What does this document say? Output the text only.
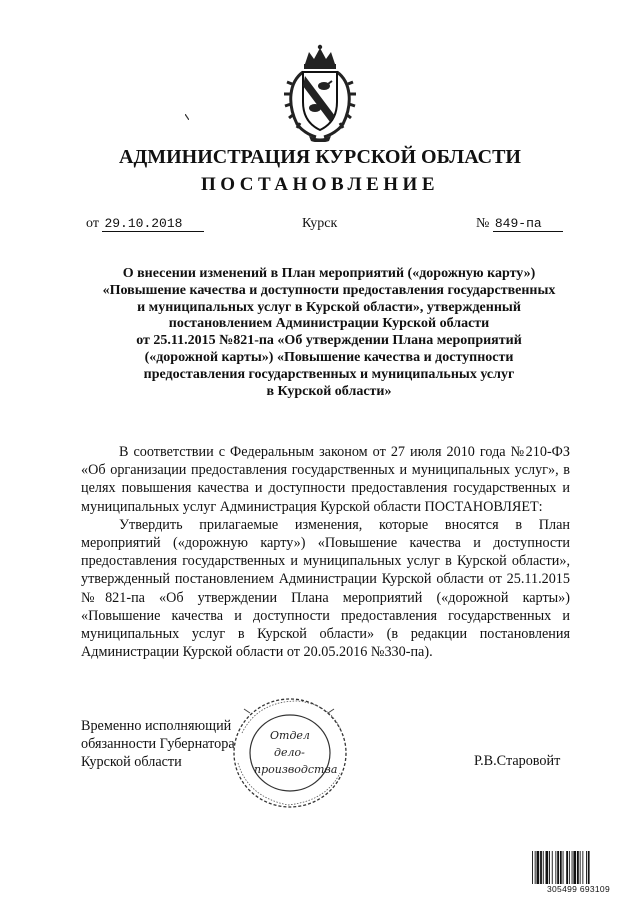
АДМИНИСТРАЦИЯ КУРСКОЙ ОБЛАСТИ
ПОСТАНОВЛЕНИЕ
от 29.10.2018	Курск	№ 849-па
О внесении изменений в План мероприятий («дорожную карту»)
«Повышение качества и доступности предоставления государственных
и муниципальных услуг в Курской области», утвержденный
постановлением Администрации Курской области
от 25.11.2015 №821-па «Об утверждении Плана мероприятий
(«дорожной карты») «Повышение качества и доступности
предоставления государственных и муниципальных услуг
в Курской области»

В соответствии с Федеральным законом от 27 июля 2010 года №210-ФЗ «Об организации предоставления государственных и муниципальных услуг», в целях повышения качества и доступности предоставления государственных и муниципальных услуг Администрация Курской области ПОСТАНОВЛЯЕТ:

Утвердить прилагаемые изменения, которые вносятся в План мероприятий («дорожную карту») «Повышение качества и доступности предоставления государственных и муниципальных услуг в Курской области», утвержденный постановлением Администрации Курской области от 25.11.2015 №821-па «Об утверждении Плана мероприятий («дорожной карты») «Повышение качества и доступности предоставления государственных и муниципальных услуг в Курской области» (в редакции постановления Администрации Курской области от 20.05.2016 №330-па).

Временно исполняющий
обязанности Губернатора
Курской области
Отдел
дело-
производства
Р.В.Старовойт
305499 693109
